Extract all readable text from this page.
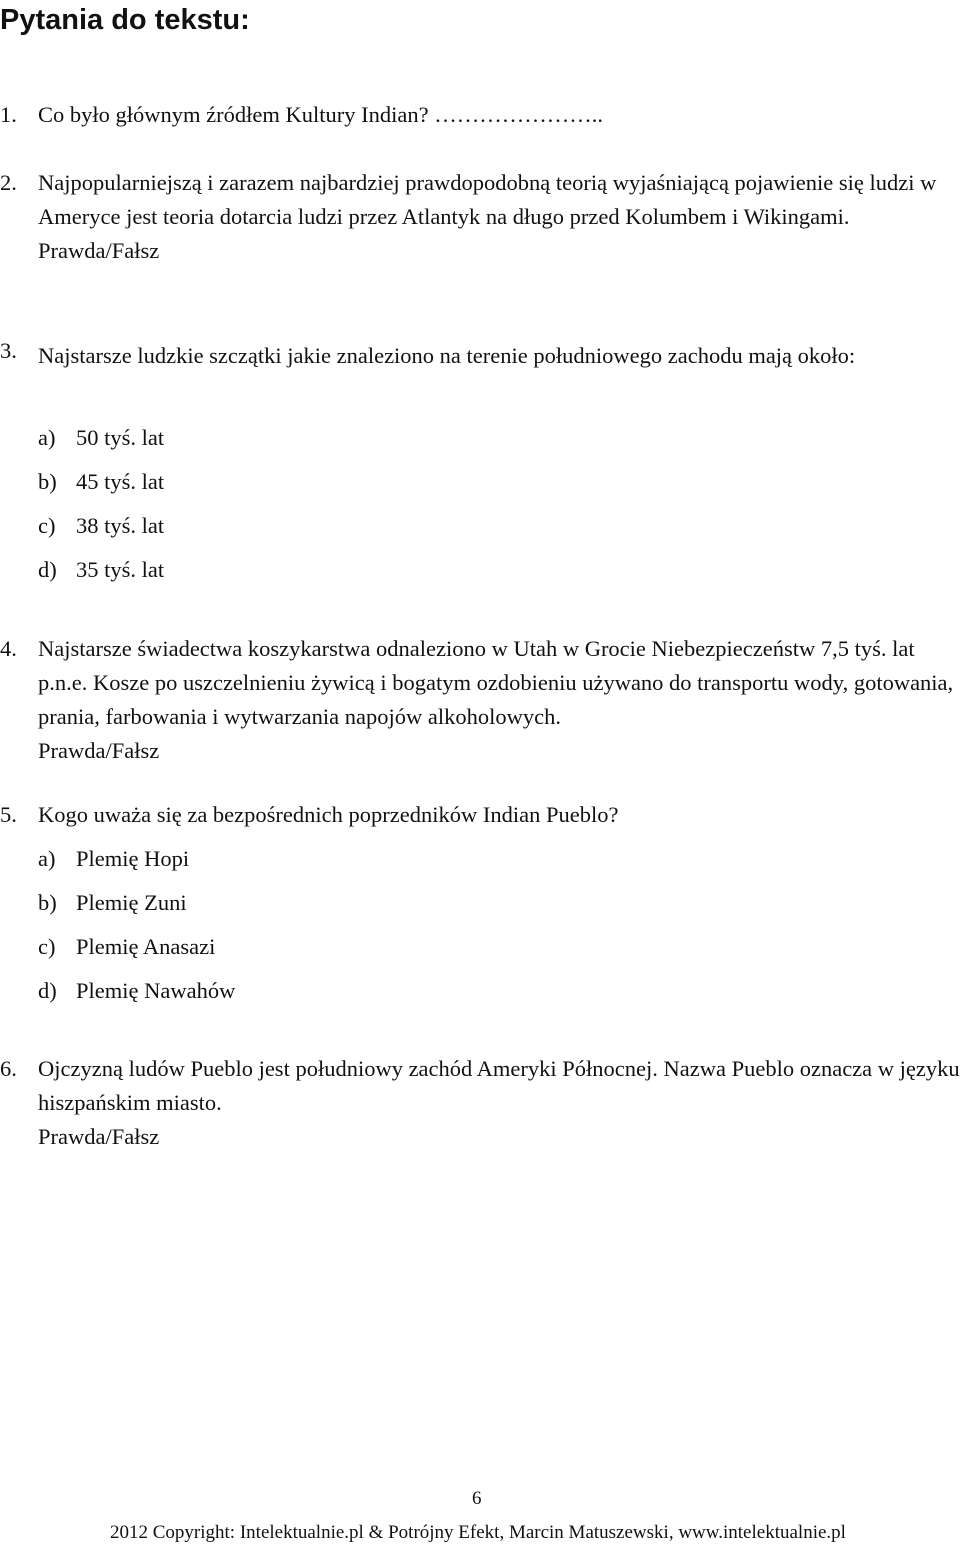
Pytania do tekstu:
1. Co było głównym źródłem Kultury Indian? …………………..
2. Najpopularniejszą i zarazem najbardziej prawdopodobną teorią wyjaśniającą pojawienie się ludzi w Ameryce jest teoria dotarcia ludzi przez Atlantyk na długo przed Kolumbem i Wikingami.
Prawda/Fałsz
3. Najstarsze ludzkie szczątki jakie znaleziono na terenie południowego zachodu mają około:
a) 50 tyś. lat
b) 45 tyś. lat
c) 38 tyś. lat
d) 35 tyś. lat
4. Najstarsze świadectwa koszykarstwa odnaleziono w Utah w Grocie Niebezpieczeństw 7,5 tyś. lat p.n.e. Kosze po uszczelnieniu żywicą i bogatym ozdobieniu używano do transportu wody, gotowania, prania, farbowania i wytwarzania napojów alkoholowych.
Prawda/Fałsz
5. Kogo uważa się za bezpośrednich poprzedników Indian Pueblo?
a) Plemię Hopi
b) Plemię Zuni
c) Plemię Anasazi
d) Plemię Nawahów
6. Ojczyzną ludów Pueblo jest południowy zachód Ameryki Północnej. Nazwa Pueblo oznacza w języku hiszpańskim miasto.
Prawda/Fałsz
6
2012 Copyright: Intelektualnie.pl & Potrójny Efekt, Marcin Matuszewski, www.intelektualnie.pl
